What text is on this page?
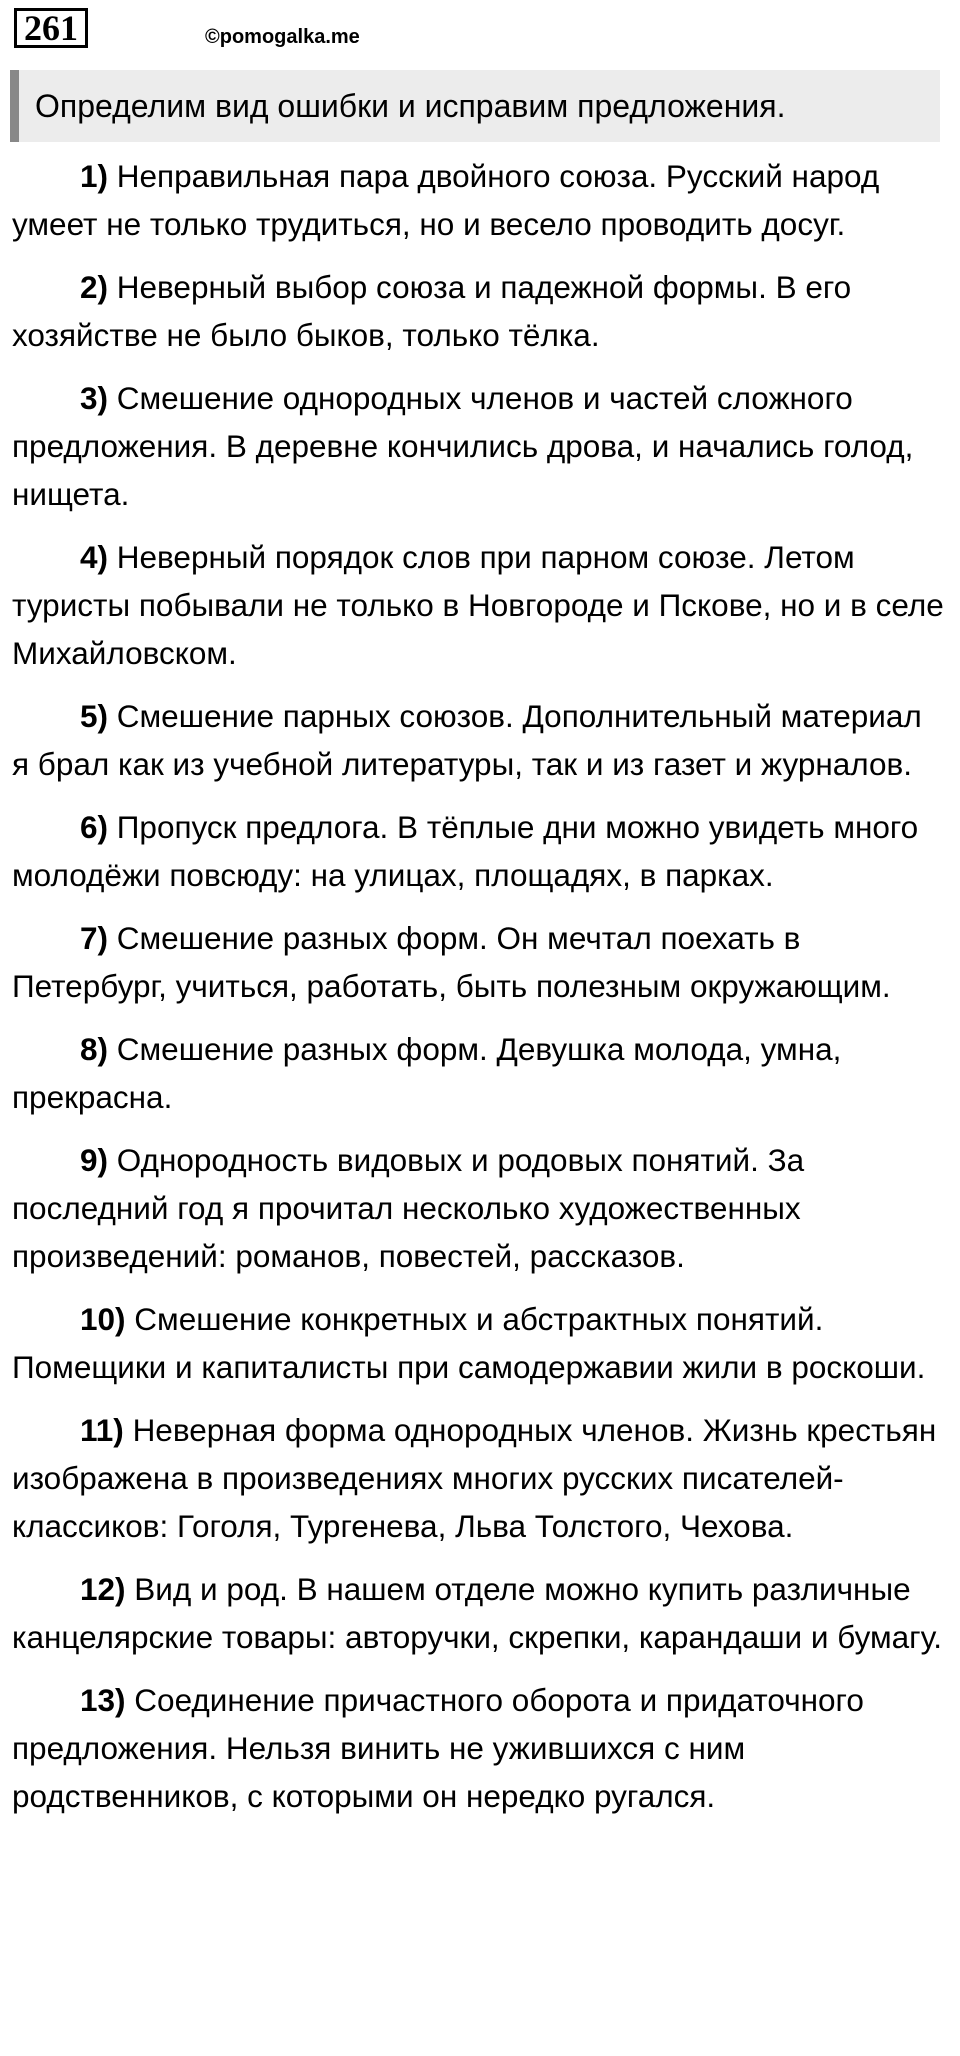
261	©pomogalka.me
Определим вид ошибки и исправим предложения.

1) Неправильная пара двойного союза. Русский народ умеет не только трудиться, но и весело проводить досуг.

2) Неверный выбор союза и падежной формы. В его хозяйстве не было быков, только тёлка.

3) Смешение однородных членов и частей сложного предложения. В деревне кончились дрова, и начались голод, нищета.

4) Неверный порядок слов при парном союзе. Летом туристы побывали не только в Новгороде и Пскове, но и в селе Михайловском.

5) Смешение парных союзов. Дополнительный материал я брал как из учебной литературы, так и из газет и журналов.

6) Пропуск предлога. В тёплые дни можно увидеть много молодёжи повсюду: на улицах, площадях, в парках.

7) Смешение разных форм. Он мечтал поехать в Петербург, учиться, работать, быть полезным окружающим.

8) Смешение разных форм. Девушка молода, умна, прекрасна.

9) Однородность видовых и родовых понятий. За последний год я прочитал несколько художественных произведений: романов, повестей, рассказов.

10) Смешение конкретных и абстрактных понятий. Помещики и капиталисты при самодержавии жили в роскоши.

11) Неверная форма однородных членов. Жизнь крестьян изображена в произведениях многих русских писателей-классиков: Гоголя, Тургенева, Льва Толстого, Чехова.

12) Вид и род. В нашем отделе можно купить различные канцелярские товары: авторучки, скрепки, карандаши и бумагу.

13) Соединение причастного оборота и придаточного предложения. Нельзя винить не ужившихся с ним родственников, с которыми он нередко ругался.
